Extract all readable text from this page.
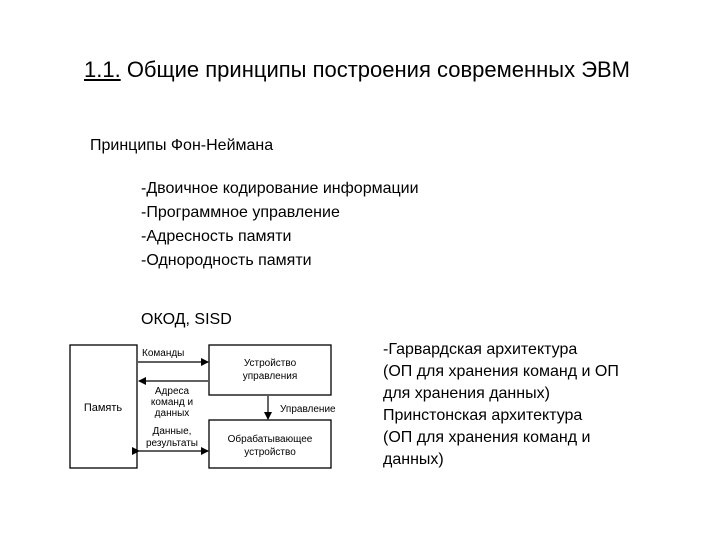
1.1. Общие принципы построения современных ЭВМ
Принципы Фон-Неймана
-Двоичное кодирование информации
-Программное управление
-Адресность памяти
-Однородность памяти
ОКОД, SISD
Память
Устройство
управления
Обрабатывающее
устройство
Команды
Адреса
команд и
данных
Данные,
результаты
Управление
-Гарвардская архитектура
(ОП для хранения команд и ОП
для хранения данных)
Принстонская архитектура
(ОП для хранения команд и
данных)
